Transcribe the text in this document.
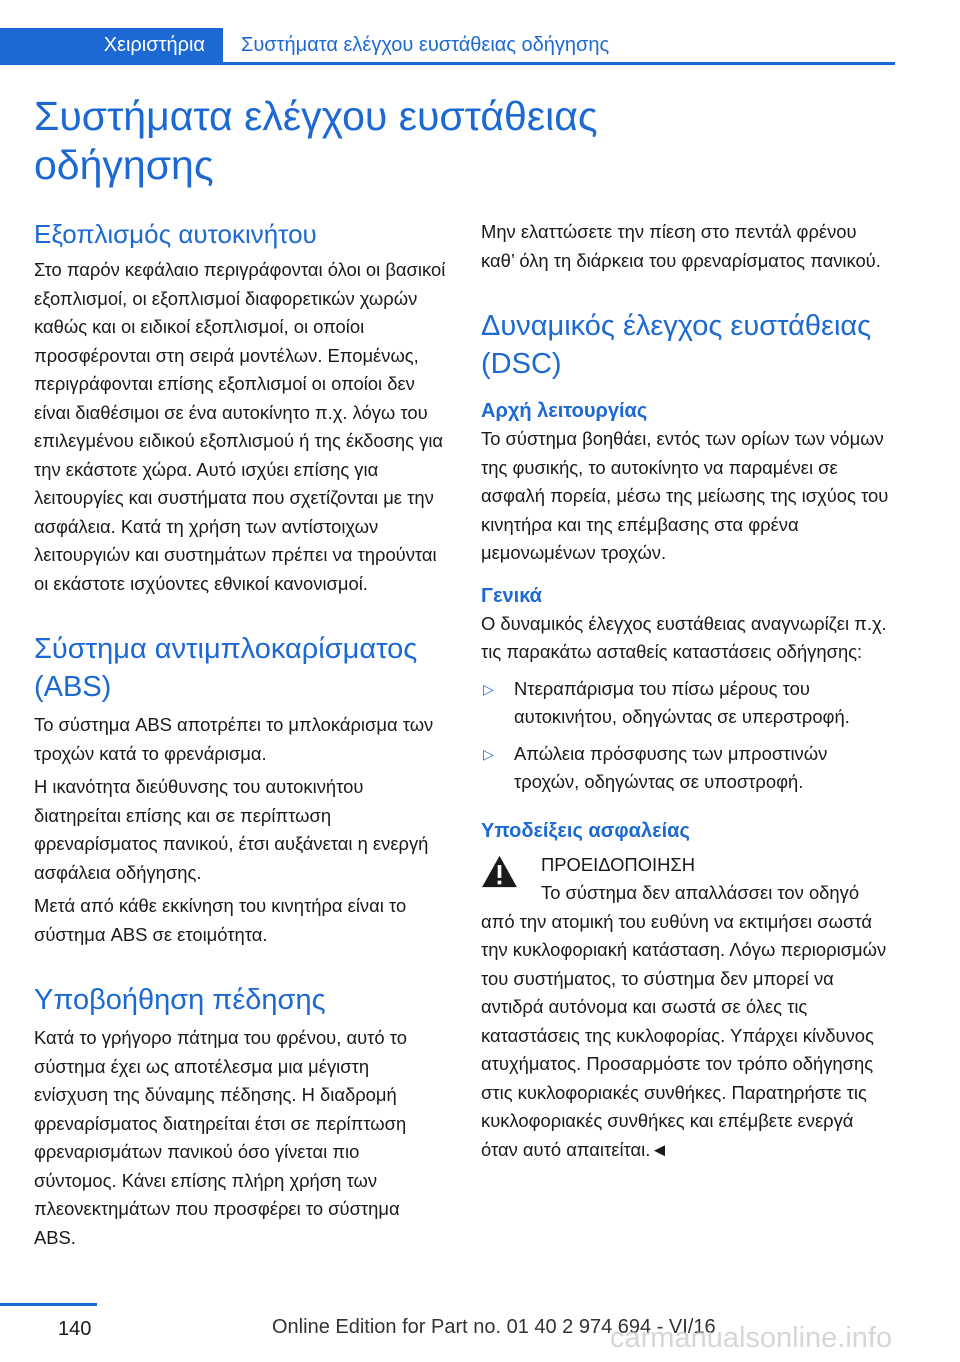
Χειριστήρια	Συστήματα ελέγχου ευστάθειας οδήγησης
Συστήματα ελέγχου ευστάθειας οδήγησης
Εξοπλισμός αυτοκινήτου

Στο παρόν κεφάλαιο περιγράφονται όλοι οι βασικοί εξοπλισμοί, οι εξοπλισμοί διαφορετικών χωρών καθώς και οι ειδικοί εξοπλισμοί, οι οποίοι προσφέρονται στη σειρά μοντέλων. Επομένως, περιγράφονται επίσης εξοπλισμοί οι οποίοι δεν είναι διαθέσιμοι σε ένα αυτοκίνητο π.χ. λόγω του επιλεγμένου ειδικού εξοπλισμού ή της έκδοσης για την εκάστοτε χώρα. Αυτό ισχύει επίσης για λειτουργίες και συστήματα που σχετίζονται με την ασφάλεια. Κατά τη χρήση των αντίστοιχων λειτουργιών και συστημάτων πρέπει να τηρούνται οι εκάστοτε ισχύοντες εθνικοί κανονισμοί.

Σύστημα αντιμπλοκαρίσματος (ABS)

Το σύστημα ABS αποτρέπει το μπλοκάρισμα των τροχών κατά το φρενάρισμα.

Η ικανότητα διεύθυνσης του αυτοκινήτου διατηρείται επίσης και σε περίπτωση φρεναρίσματος πανικού, έτσι αυξάνεται η ενεργή ασφάλεια οδήγησης.

Μετά από κάθε εκκίνηση του κινητήρα είναι το σύστημα ABS σε ετοιμότητα.

Υποβοήθηση πέδησης

Κατά το γρήγορο πάτημα του φρένου, αυτό το σύστημα έχει ως αποτέλεσμα μια μέγιστη ενίσχυση της δύναμης πέδησης. Η διαδρομή φρεναρίσματος διατηρείται έτσι σε περίπτωση φρεναρισμάτων πανικού όσο γίνεται πιο σύντομος. Κάνει επίσης πλήρη χρήση των πλεονεκτημάτων που προσφέρει το σύστημα ABS.

Μην ελαττώσετε την πίεση στο πεντάλ φρένου καθ’ όλη τη διάρκεια του φρεναρίσματος πανικού.

Δυναμικός έλεγχος ευστάθειας (DSC)
Αρχή λειτουργίας

Το σύστημα βοηθάει, εντός των ορίων των νόμων της φυσικής, το αυτοκίνητο να παραμένει σε ασφαλή πορεία, μέσω της μείωσης της ισχύος του κινητήρα και της επέμβασης στα φρένα μεμονωμένων τροχών.

Γενικά

Ο δυναμικός έλεγχος ευστάθειας αναγνωρίζει π.χ. τις παρακάτω ασταθείς καταστάσεις οδήγησης:

▷ Ντεραπάρισμα του πίσω μέρους του αυτοκινήτου, οδηγώντας σε υπερστροφή.
▷ Απώλεια πρόσφυσης των μπροστινών τροχών, οδηγώντας σε υποστροφή.
Υποδείξεις ασφαλείας
ΠΡΟΕΙΔΟΠΟΙΗΣΗ

Το σύστημα δεν απαλλάσσει τον οδηγό από την ατομική του ευθύνη να εκτιμήσει σωστά την κυκλοφοριακή κατάσταση. Λόγω περιορισμών του συστήματος, το σύστημα δεν μπορεί να αντιδρά αυτόνομα και σωστά σε όλες τις καταστάσεις της κυκλοφορίας. Υπάρχει κίνδυνος ατυχήματος. Προσαρμόστε τον τρόπο οδήγησης στις κυκλοφοριακές συνθήκες. Παρατηρήστε τις κυκλοφοριακές συνθήκες και επέμβετε ενεργά όταν αυτό απαιτείται.◄

140	Online Edition for Part no. 01 40 2 974 694 - VI/16
carmanualsonline.info
